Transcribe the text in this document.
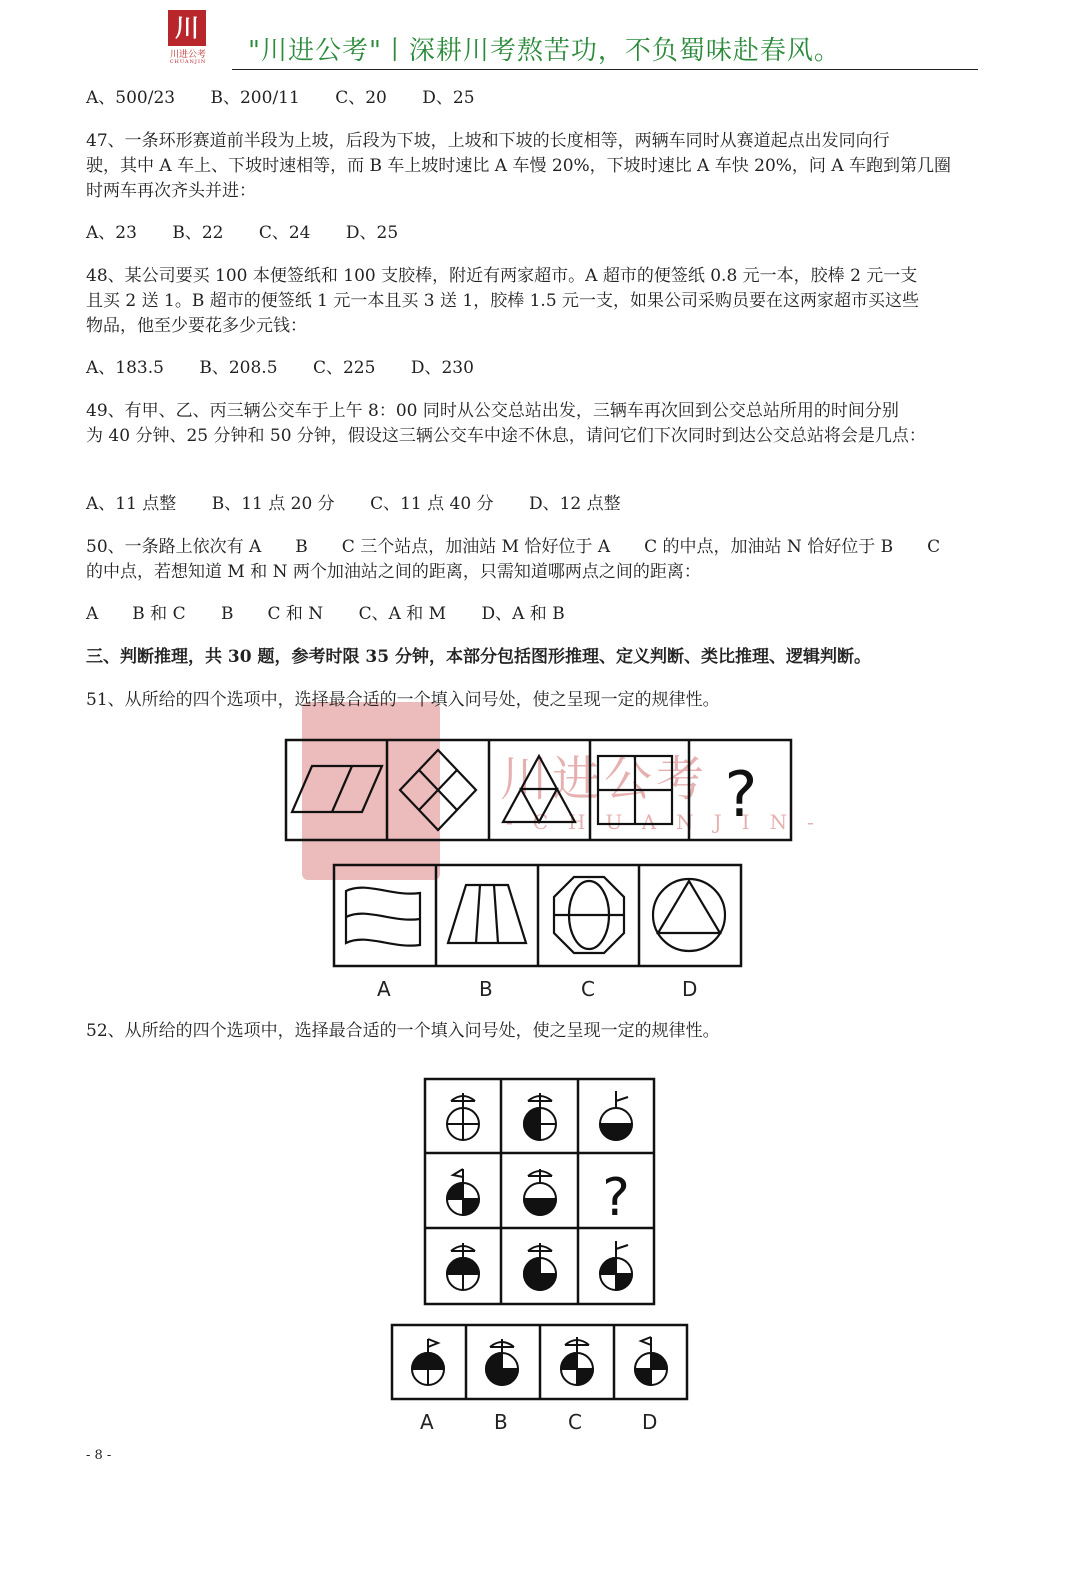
川
川进公考
CHUANJIN	"川进公考"丨深耕川考熬苦功，不负蜀味赴春风。
川进公考
-CHUANJIN-
A、500/23 B、200/11 C、20 D、25
47、一条环形赛道前半段为上坡，后段为下坡，上坡和下坡的长度相等，两辆车同时从赛道起点出发同向行
驶，其中 A 车上、下坡时速相等，而 B 车上坡时速比 A 车慢 20%，下坡时速比 A 车快 20%，问 A 车跑到第几圈
时两车再次齐头并进：
A、23 B、22 C、24 D、25
48、某公司要买 100 本便签纸和 100 支胶棒，附近有两家超市。A 超市的便签纸 0.8 元一本，胶棒 2 元一支
且买 2 送 1。B 超市的便签纸 1 元一本且买 3 送 1，胶棒 1.5 元一支，如果公司采购员要在这两家超市买这些
物品，他至少要花多少元钱：
A、183.5 B、208.5 C、225 D、230
49、有甲、乙、丙三辆公交车于上午 8：00 同时从公交总站出发，三辆车再次回到公交总站所用的时间分别
为 40 分钟、25 分钟和 50 分钟，假设这三辆公交车中途不休息，请问它们下次同时到达公交总站将会是几点：
A、11 点整 B、11 点 20 分 C、11 点 40 分 D、12 点整
50、一条路上依次有 A　　B　　C 三个站点，加油站 M 恰好位于 A　　C 的中点，加油站 N 恰好位于 B　　C
的中点，若想知道 M 和 N 两个加油站之间的距离，只需知道哪两点之间的距离：
A　　B 和 C B　　C 和 N C、A 和 M D、A 和 B
三、判断推理，共 30 题，参考时限 35 分钟，本部分包括图形推理、定义判断、类比推理、逻辑判断。
51、从所给的四个选项中，选择最合适的一个填入问号处，使之呈现一定的规律性。
?
A	B	C	D
52、从所给的四个选项中，选择最合适的一个填入问号处，使之呈现一定的规律性。
?
A	B	C	D
- 8 -
